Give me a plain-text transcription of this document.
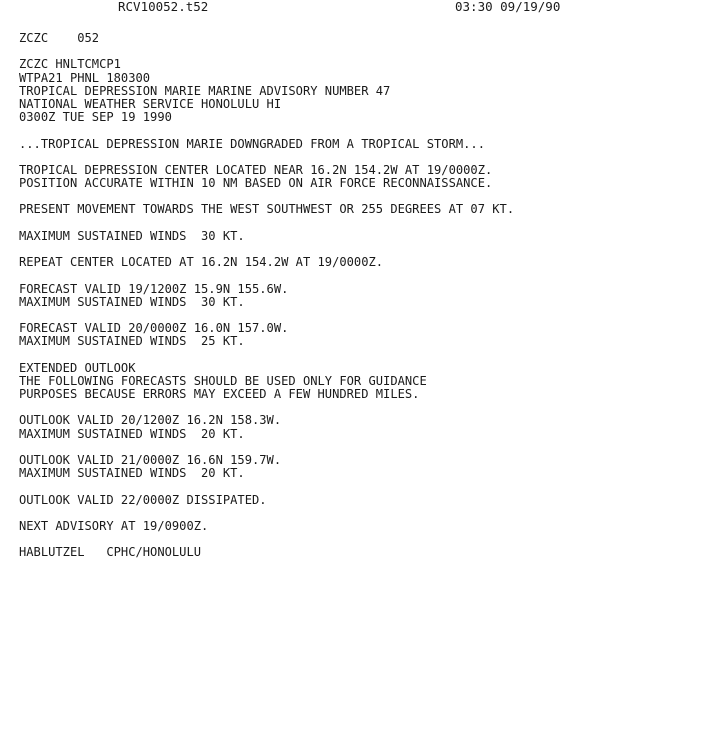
RCV10052.t52	03:30 09/19/90
ZCZC    052
ZCZC HNLTCMCP1
WTPA21 PHNL 180300
TROPICAL DEPRESSION MARIE MARINE ADVISORY NUMBER 47
NATIONAL WEATHER SERVICE HONOLULU HI
0300Z TUE SEP 19 1990
...TROPICAL DEPRESSION MARIE DOWNGRADED FROM A TROPICAL STORM...
TROPICAL DEPRESSION CENTER LOCATED NEAR 16.2N 154.2W AT 19/0000Z.
POSITION ACCURATE WITHIN 10 NM BASED ON AIR FORCE RECONNAISSANCE.
PRESENT MOVEMENT TOWARDS THE WEST SOUTHWEST OR 255 DEGREES AT 07 KT.
MAXIMUM SUSTAINED WINDS  30 KT.
REPEAT CENTER LOCATED AT 16.2N 154.2W AT 19/0000Z.
FORECAST VALID 19/1200Z 15.9N 155.6W.
MAXIMUM SUSTAINED WINDS  30 KT.
FORECAST VALID 20/0000Z 16.0N 157.0W.
MAXIMUM SUSTAINED WINDS  25 KT.
EXTENDED OUTLOOK
THE FOLLOWING FORECASTS SHOULD BE USED ONLY FOR GUIDANCE
PURPOSES BECAUSE ERRORS MAY EXCEED A FEW HUNDRED MILES.
OUTLOOK VALID 20/1200Z 16.2N 158.3W.
MAXIMUM SUSTAINED WINDS  20 KT.
OUTLOOK VALID 21/0000Z 16.6N 159.7W.
MAXIMUM SUSTAINED WINDS  20 KT.
OUTLOOK VALID 22/0000Z DISSIPATED.
NEXT ADVISORY AT 19/0900Z.
HABLUTZEL   CPHC/HONOLULU
